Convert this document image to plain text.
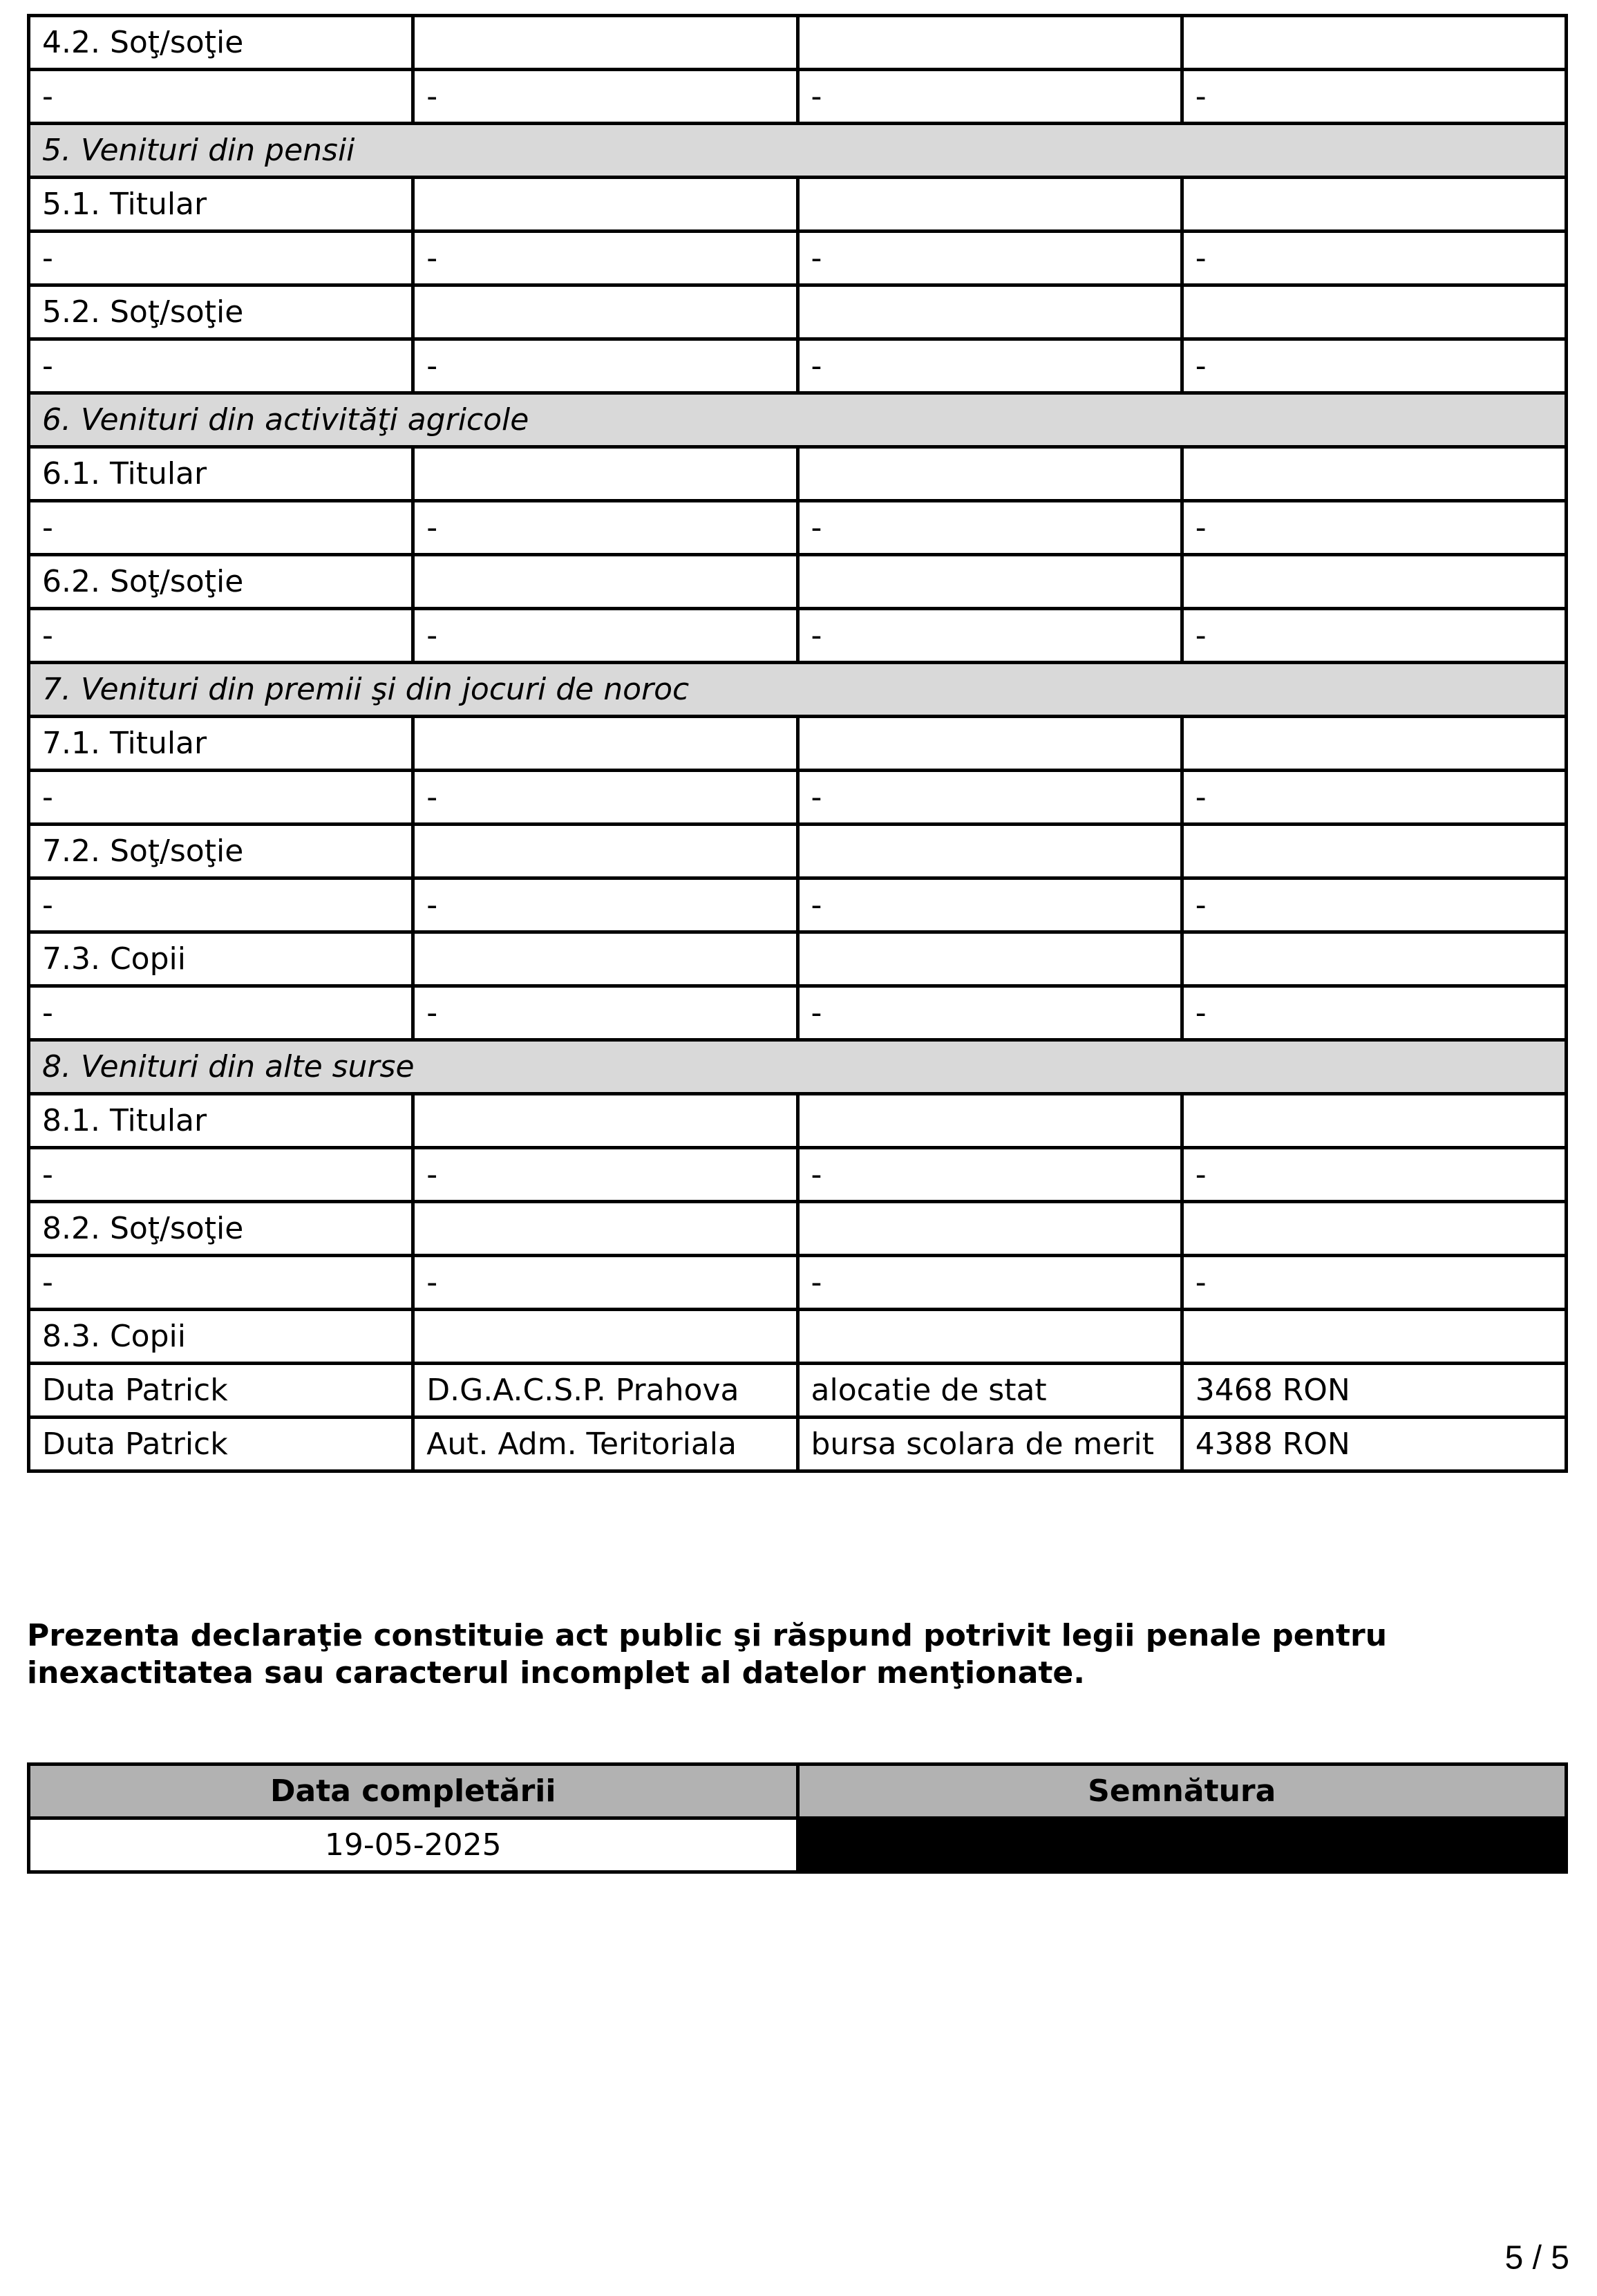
4.2. Soţ/soţie			
-	-	-	-
5. Venituri din pensii			
5.1. Titular			
-	-	-	-
5.2. Soţ/soţie			
-	-	-	-
6. Venituri din activităţi agricole			
6.1. Titular			
-	-	-	-
6.2. Soţ/soţie			
-	-	-	-
7. Venituri din premii şi din jocuri de noroc			
7.1. Titular			
-	-	-	-
7.2. Soţ/soţie			
-	-	-	-
7.3. Copii			
-	-	-	-
8. Venituri din alte surse			
8.1. Titular			
-	-	-	-
8.2. Soţ/soţie			
-	-	-	-
8.3. Copii			
Duta Patrick	D.G.A.C.S.P. Prahova	alocatie de stat	3468 RON
Duta Patrick	Aut. Adm. Teritoriala	bursa scolara de merit	4388 RON

Prezenta declaraţie constituie act public şi răspund potrivit legii penale pentru inexactitatea sau caracterul incomplet al datelor menţionate.

Data completării	Semnătura
19-05-2025	
5 / 5
